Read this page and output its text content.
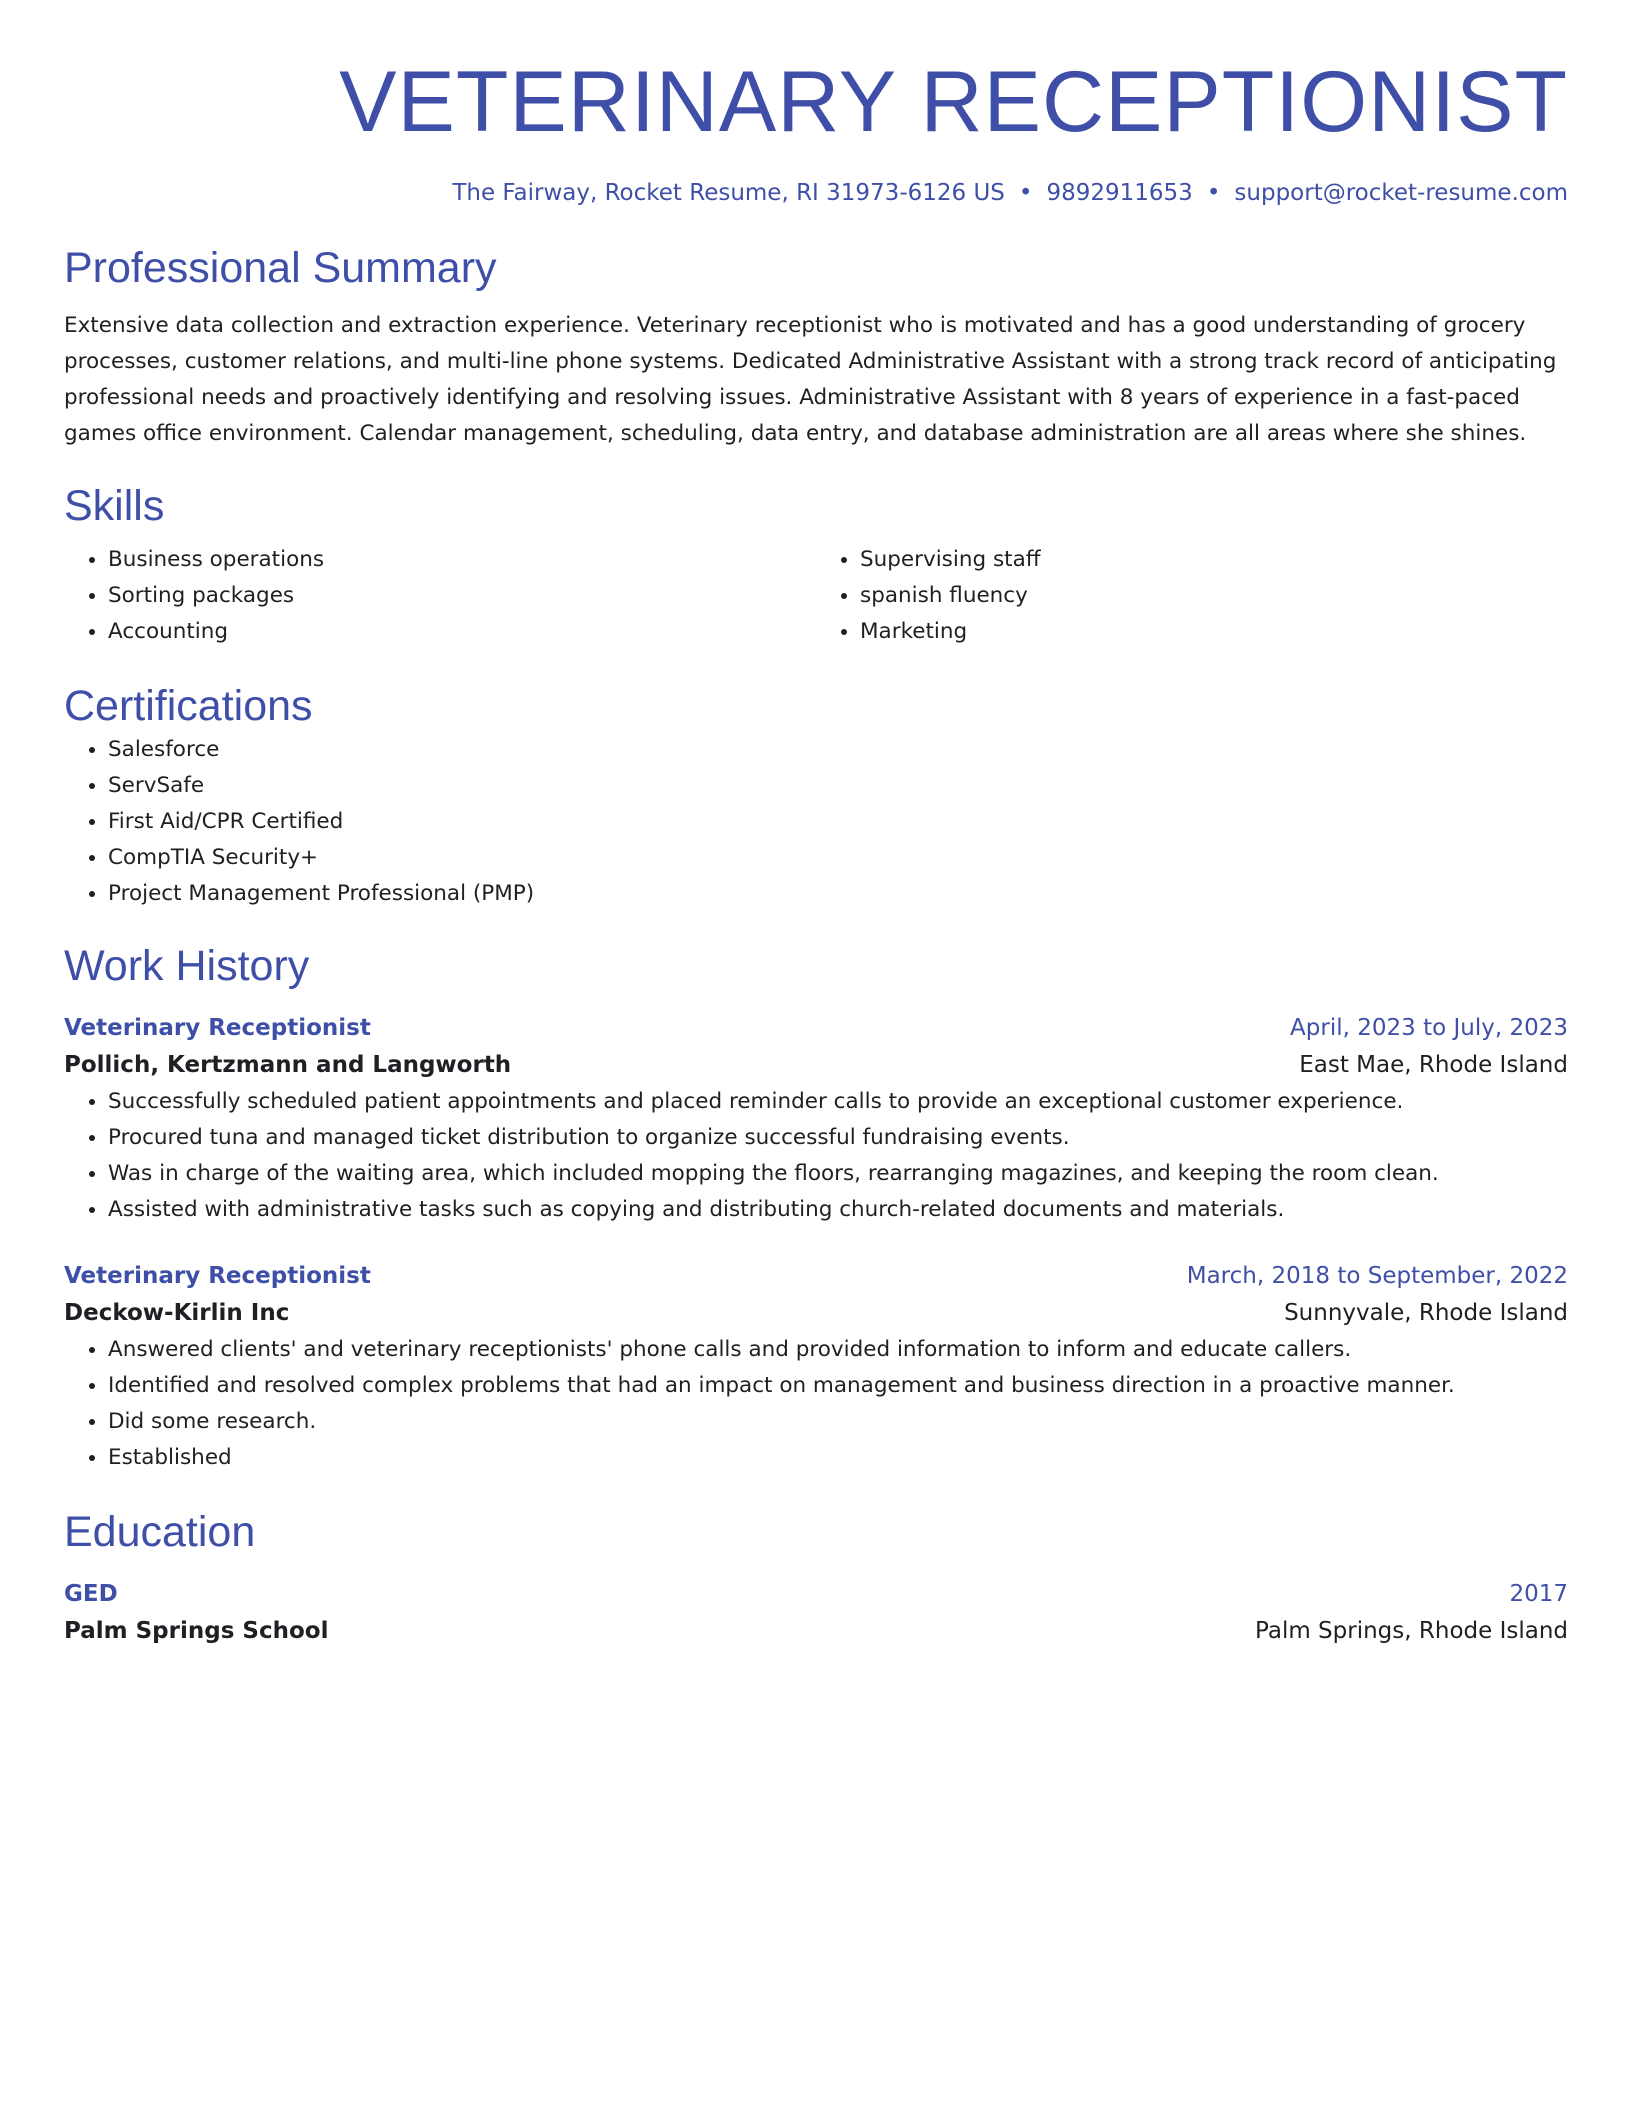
VETERINARY RECEPTIONIST
The Fairway, Rocket Resume, RI 31973-6126 US • 9892911653 • support@rocket-resume.com
Professional Summary

Extensive data collection and extraction experience. Veterinary receptionist who is motivated and has a good understanding of grocery processes, customer relations, and multi-line phone systems. Dedicated Administrative Assistant with a strong track record of anticipating professional needs and proactively identifying and resolving issues. Administrative Assistant with 8 years of experience in a fast-paced games office environment. Calendar management, scheduling, data entry, and database administration are all areas where she shines.

Skills
• Business operations
• Sorting packages
• Accounting
• Supervising staff
• spanish fluency
• Marketing
Certifications
• Salesforce
• ServSafe
• First Aid/CPR Certified
• CompTIA Security+
• Project Management Professional (PMP)
Work History
Veterinary Receptionist	April, 2023 to July, 2023
Pollich, Kertzmann and Langworth	East Mae, Rhode Island
• Successfully scheduled patient appointments and placed reminder calls to provide an exceptional customer experience.
• Procured tuna and managed ticket distribution to organize successful fundraising events.
• Was in charge of the waiting area, which included mopping the floors, rearranging magazines, and keeping the room clean.
• Assisted with administrative tasks such as copying and distributing church-related documents and materials.
Veterinary Receptionist	March, 2018 to September, 2022
Deckow-Kirlin Inc	Sunnyvale, Rhode Island
• Answered clients' and veterinary receptionists' phone calls and provided information to inform and educate callers.
• Identified and resolved complex problems that had an impact on management and business direction in a proactive manner.
• Did some research.
• Established
Education
GED	2017
Palm Springs School	Palm Springs, Rhode Island
